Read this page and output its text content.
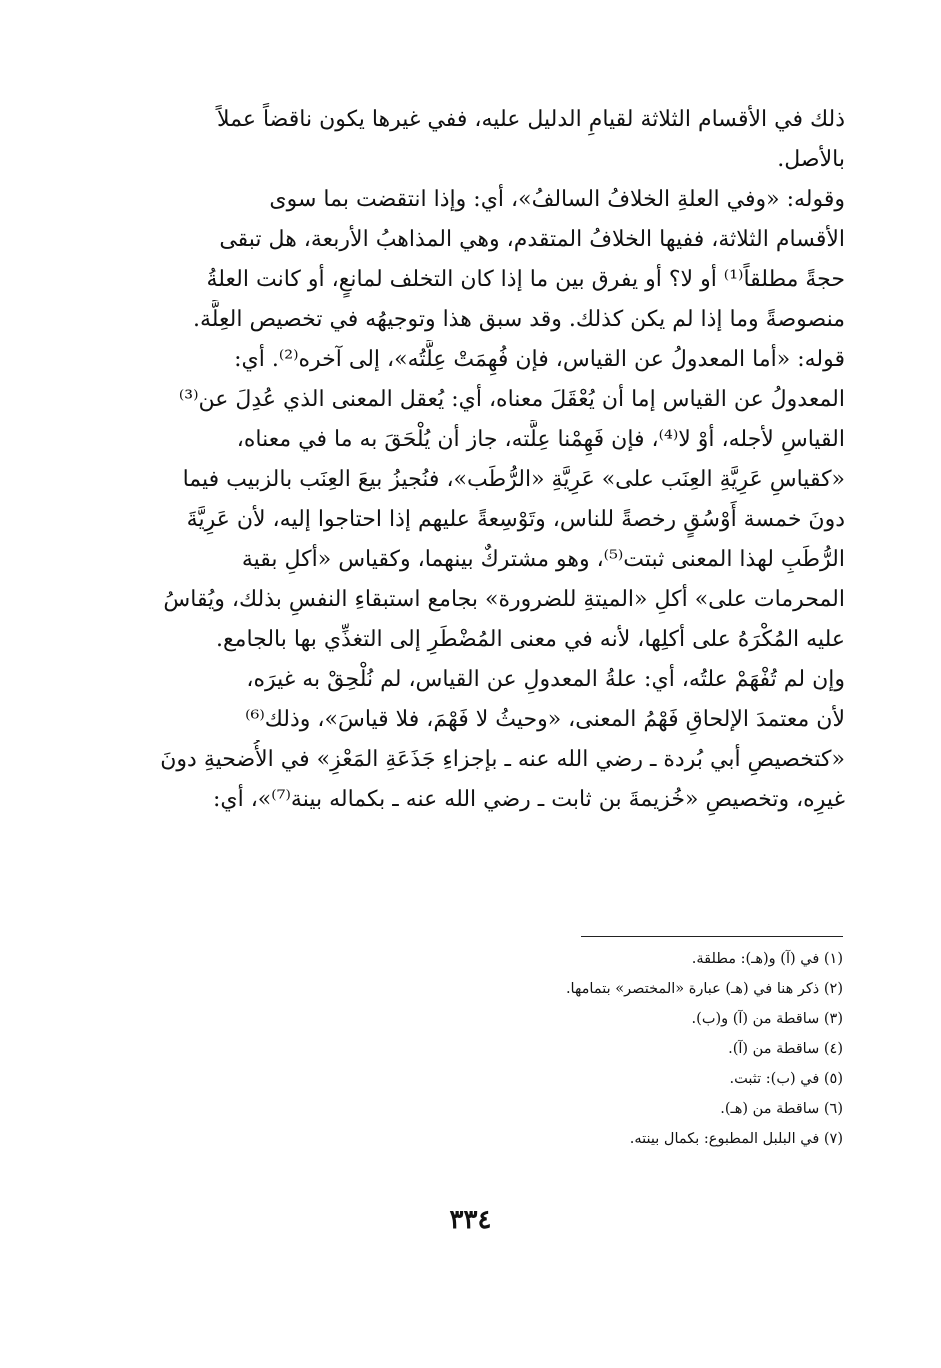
ذلك في الأقسام الثلاثة لقيامِ الدليل عليه، ففي غيرها يكون ناقضاً عملاً
بالأصل.
وقوله: «وفي العلةِ الخلافُ السالفُ»، أي: وإذا انتقضت بما سوى
الأقسام الثلاثة، ففيها الخلافُ المتقدم، وهي المذاهبُ الأربعة، هل تبقى
حجةً مطلقاً⁽¹⁾ أو لا؟ أو يفرق بين ما إذا كان التخلف لمانعٍ، أو كانت العلةُ
منصوصةً وما إذا لم يكن كذلك. وقد سبق هذا وتوجيهُه في تخصيص العِلَّة.
قوله: «أما المعدولُ عن القياس، فإن فُهِمَتْ عِلَّتُه»، إلى آخره⁽²⁾. أي:
المعدولُ عن القياس إما أن يُعْقَلَ معناه، أي: يُعقل المعنى الذي عُدِلَ عن⁽³⁾
القياسِ لأجله، أوْ لا⁽⁴⁾، فإن فَهِمْنا عِلَّته، جاز أن يُلْحَقَ به ما في معناه،
«كقياسِ عَرِيَّةِ العِنَب على» عَرِيَّةِ «الرُّطَب»، فنُجيزُ بيعَ العِنَب بالزبيب فيما
دونَ خمسة أَوْسُقٍ رخصةً للناس، وتَوْسِعةً عليهم إذا احتاجوا إليه، لأن عَرِيَّةَ
الرُّطَبِ لهذا المعنى ثبتت⁽⁵⁾، وهو مشتركٌ بينهما، وكقياس «أكلِ بقية
المحرمات على» أكلِ «الميتةِ للضرورة» بجامع استبقاءِ النفسِ بذلك، ويُقاسُ
عليه المُكْرَهُ على أكلِها، لأنه في معنى المُضْطَرِ إلى التغذِّي بها بالجامع.
وإن لم تُفْهَمْ علتُه، أي: علةُ المعدولِ عن القياس، لم نُلْحِقْ به غيرَه،
لأن معتمدَ الإلحاقِ فَهْمُ المعنى، «وحيثُ لا فَهْمَ، فلا قياسَ»، وذلك⁽⁶⁾
«كتخصيصِ أبي بُردة ـ رضي الله عنه ـ بإجزاءِ جَذَعَةِ المَعْزِ» في الأُضحيةِ دونَ
غيرِه، وتخصيصِ «خُزيمةَ بن ثابت ـ رضي الله عنه ـ بكماله بينة⁽⁷⁾»، أي:
(١) في (آ) و(هـ): مطلقة.
(٢) ذكر هنا في (هـ) عبارة «المختصر» بتمامها.
(٣) ساقطة من (آ) و(ب).
(٤) ساقطة من (آ).
(٥) في (ب): تثبت.
(٦) ساقطة من (هـ).
(٧) في البلبل المطبوع: بكمال بينته.
٣٣٤
